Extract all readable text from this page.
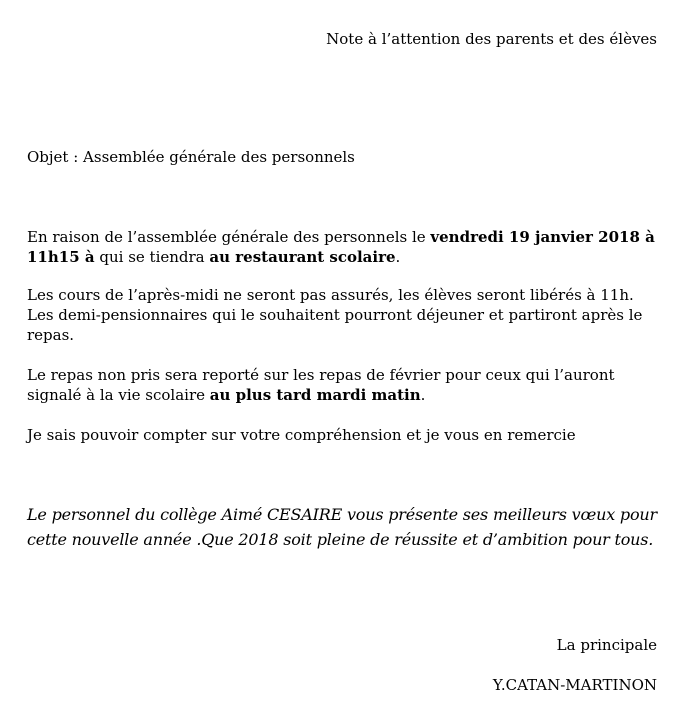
Note à l’attention des parents et des élèves
Objet : Assemblée générale des personnels
En raison de l’assemblée générale des personnels le vendredi 19 janvier 2018 à 11h15 à qui se tiendra au restaurant scolaire.
Les cours de l’après-midi ne seront pas assurés, les élèves seront libérés à 11h.
Les demi-pensionnaires qui le souhaitent pourront déjeuner et partiront après le repas.
Le repas non pris sera reporté sur les repas de février pour ceux qui l’auront signalé à la vie scolaire au plus tard mardi matin.
Je sais pouvoir compter sur votre compréhension et je vous en remercie
Le personnel du collège Aimé CESAIRE vous présente ses meilleurs vœux pour cette nouvelle année .Que 2018 soit pleine de réussite et d’ambition pour tous.
La principale
Y.CATAN-MARTINON
